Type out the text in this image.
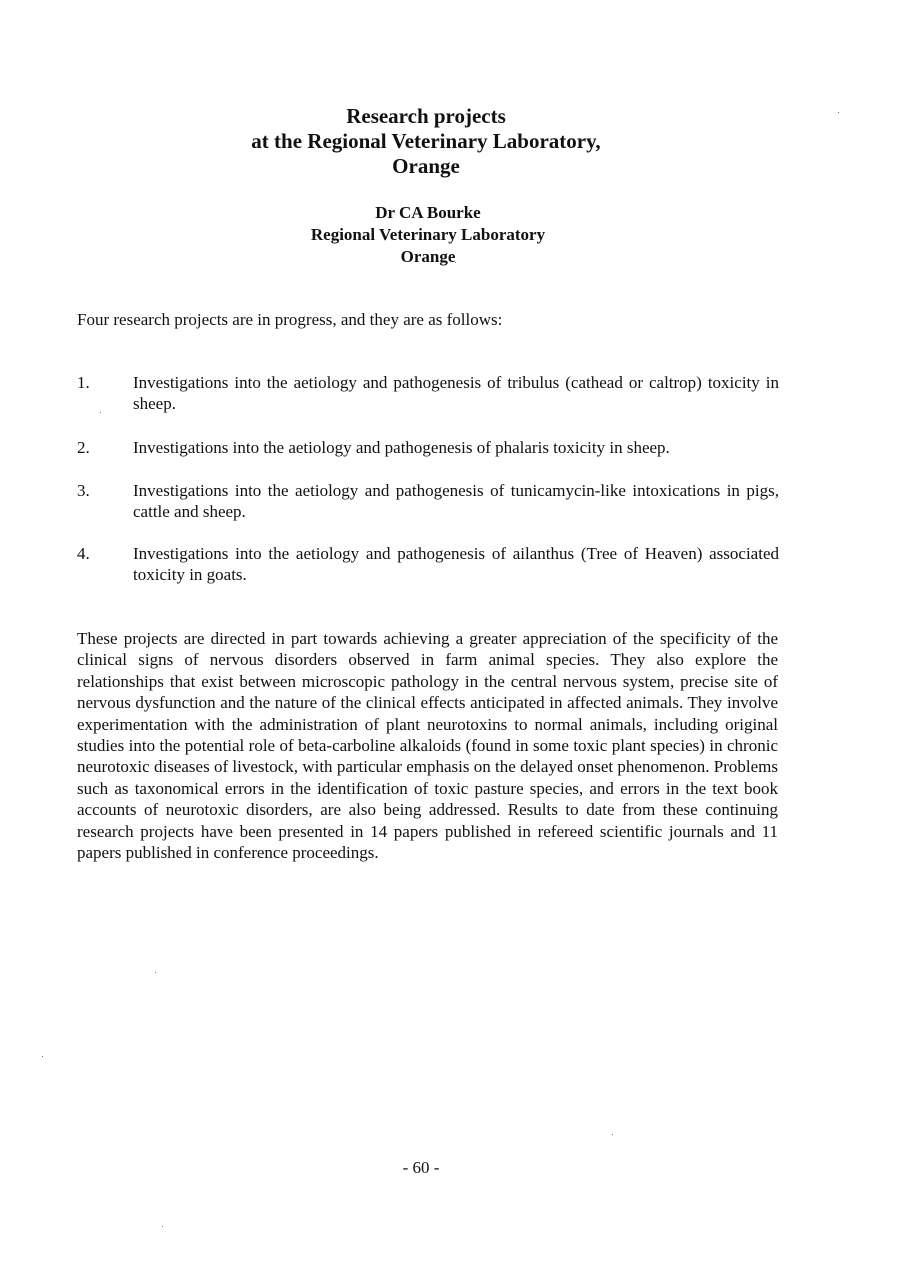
Research projects
at the Regional Veterinary Laboratory,
Orange
Dr CA Bourke
Regional Veterinary Laboratory
Orange
Four research projects are in progress, and they are as follows:
1.	Investigations into the aetiology and pathogenesis of tribulus (cathead or caltrop) toxicity in sheep.
2.	Investigations into the aetiology and pathogenesis of phalaris toxicity in sheep.
3.	Investigations into the aetiology and pathogenesis of tunicamycin-like intoxications in pigs, cattle and sheep.
4.	Investigations into the aetiology and pathogenesis of ailanthus (Tree of Heaven) associated toxicity in goats.
These projects are directed in part towards achieving a greater appreciation of the specificity of the clinical signs of nervous disorders observed in farm animal species. They also explore the relationships that exist between microscopic pathology in the central nervous system, precise site of nervous dysfunction and the nature of the clinical effects anticipated in affected animals. They involve experimentation with the administration of plant neurotoxins to normal animals, including original studies into the potential role of beta-carboline alkaloids (found in some toxic plant species) in chronic neurotoxic diseases of livestock, with particular emphasis on the delayed onset phenomenon. Problems such as taxonomical errors in the identification of toxic pasture species, and errors in the text book accounts of neurotoxic disorders, are also being addressed. Results to date from these continuing research projects have been presented in 14 papers published in refereed scientific journals and 11 papers published in conference proceedings.
- 60 -
